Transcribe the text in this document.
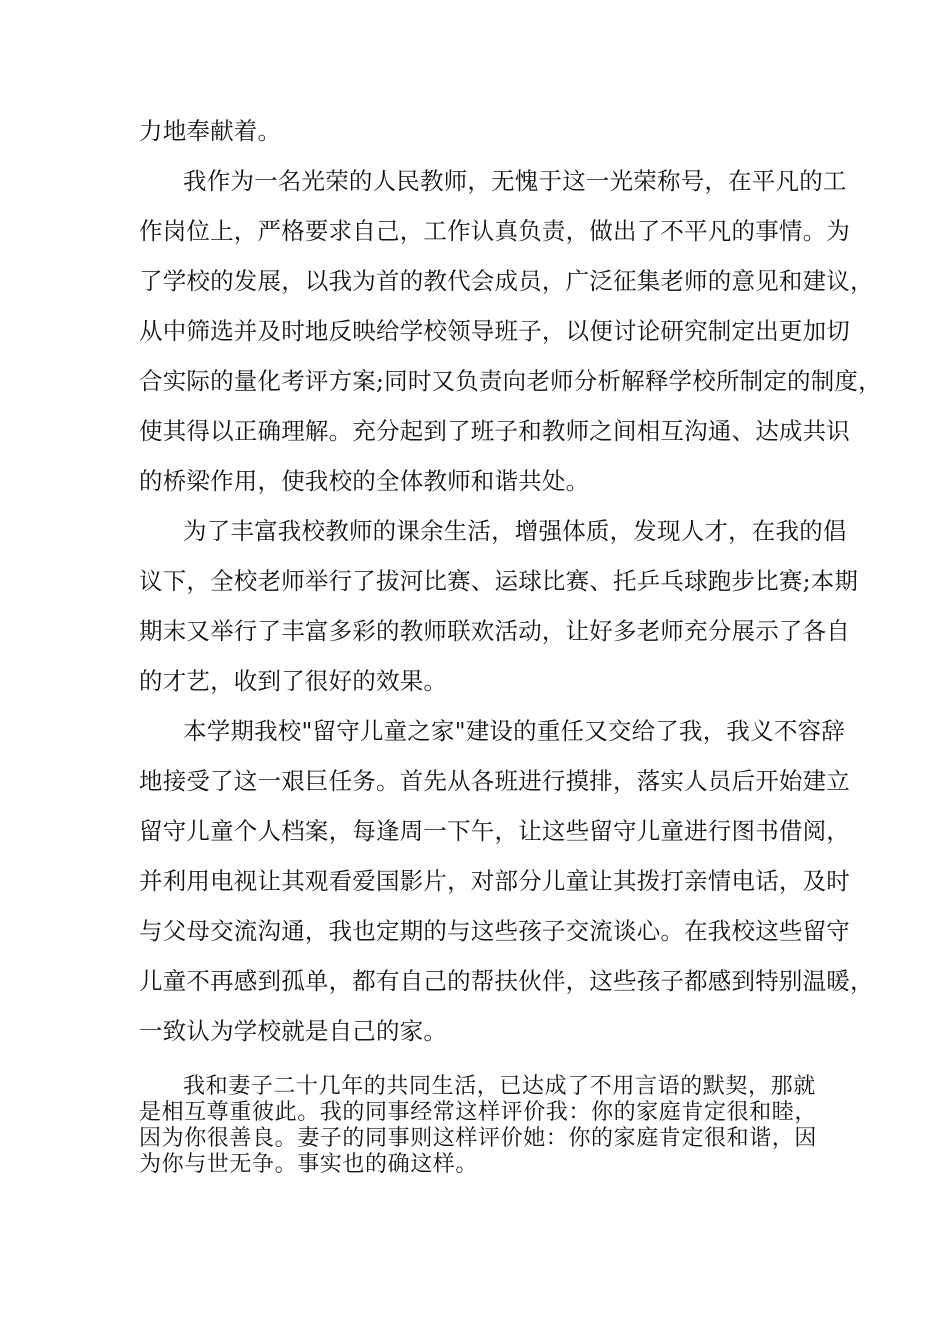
力地奉献着。
我作为一名光荣的人民教师，无愧于这一光荣称号，在平凡的工
作岗位上，严格要求自己，工作认真负责，做出了不平凡的事情。为
了学校的发展，以我为首的教代会成员，广泛征集老师的意见和建议，
从中筛选并及时地反映给学校领导班子，以便讨论研究制定出更加切
合实际的量化考评方案;同时又负责向老师分析解释学校所制定的制度，
使其得以正确理解。充分起到了班子和教师之间相互沟通、达成共识
的桥梁作用，使我校的全体教师和谐共处。
为了丰富我校教师的课余生活，增强体质，发现人才，在我的倡
议下，全校老师举行了拔河比赛、运球比赛、托乒乓球跑步比赛;本期
期末又举行了丰富多彩的教师联欢活动，让好多老师充分展示了各自
的才艺，收到了很好的效果。
本学期我校"留守儿童之家"建设的重任又交给了我，我义不容辞
地接受了这一艰巨任务。首先从各班进行摸排，落实人员后开始建立
留守儿童个人档案，每逢周一下午，让这些留守儿童进行图书借阅，
并利用电视让其观看爱国影片，对部分儿童让其拨打亲情电话，及时
与父母交流沟通，我也定期的与这些孩子交流谈心。在我校这些留守
儿童不再感到孤单，都有自己的帮扶伙伴，这些孩子都感到特别温暖，
一致认为学校就是自己的家。
我和妻子二十几年的共同生活，已达成了不用言语的默契，那就
是相互尊重彼此。我的同事经常这样评价我：你的家庭肯定很和睦，
因为你很善良。妻子的同事则这样评价她：你的家庭肯定很和谐，因
为你与世无争。事实也的确这样。
